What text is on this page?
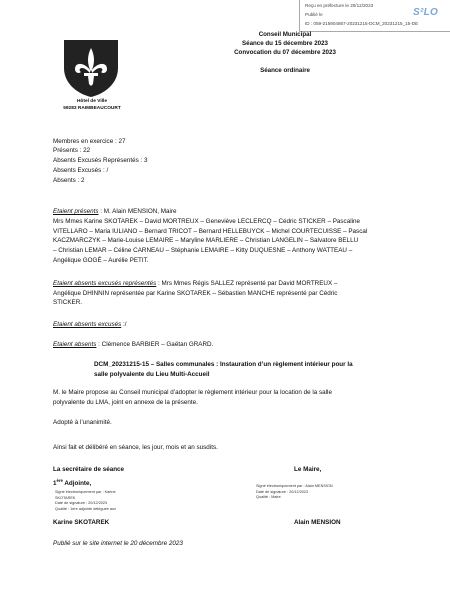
Reçu en préfecture le 20/12/2023
Publié le
ID : 059-215904867-20231215-DCM_20231215_15-DE
S²LO
Hôtel de Ville
59283 RAIMBEAUCOURT
Conseil Municipal
Séance du 15 décembre 2023
Convocation du 07 décembre 2023
Séance ordinaire
Membres en exercice : 27
Présents : 22
Absents Excusés Représentés : 3
Absents Excusés : /
Absents : 2
Etaient présents : M. Alain MENSION, Maire
Mrs Mmes Karine SKOTAREK – David MORTREUX – Geneviève LECLERCQ – Cédric STICKER – Pascaline
VITELLARO – Maria IULIANO – Bernard TRICOT – Bernard HELLEBUYCK – Michel COURTECUISSE – Pascal
KACZMARCZYK – Marie-Louise LEMAIRE – Maryline MARLIERE – Christian LANGELIN – Salvatore BELLU
– Christian LEMAR – Céline CARNEAU – Stéphanie LEMAIRE – Kitty DUQUESNE – Anthony WATTEAU –
Angélique GOGÉ – Aurélie PETIT.
Etaient absents excusés représentés : Mrs Mmes Régis SALLEZ représenté par David MORTREUX –
Angélique DHINNIN représentée par Karine SKOTAREK – Sébastien MANCHE représenté par Cédric
STICKER.
Etaient absents excusés :/
Etaient absents : Clémence BARBIER – Gaëtan GRARD.
DCM_20231215-15 – Salles communales : Instauration d’un règlement intérieur pour la
salle polyvalente du Lieu Multi-Accueil
M. le Maire propose au Conseil municipal d’adopter le règlement intérieur pour la location de la salle
polyvalente du LMA, joint en annexe de la présente.
Adopté à l’unanimité.
Ainsi fait et délibéré en séance, les jour, mois et an susdits.
La secrétaire de séance
1ère Adjointe,
Signé électroniquement par : Karine
SKOTAREK
Date de signature : 20/12/2023
Qualité : 1ère adjointe déléguée aux
Karine SKOTAREK
Le Maire,
Signé électroniquement par : Alain MENSION
Date de signature : 20/12/2023
Qualité : Maire
Alain MENSION
Publié sur le site internet le 20 décembre 2023
